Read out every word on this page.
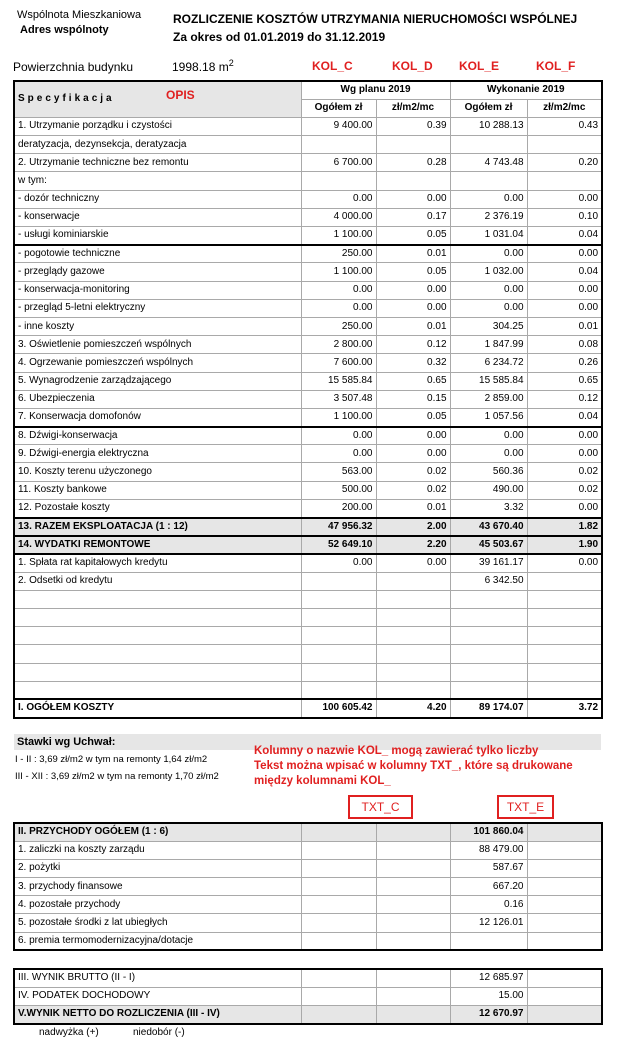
Wspólnota Mieszkaniowa
Adres wspólnoty
ROZLICZENIE KOSZTÓW UTRZYMANIA NIERUCHOMOŚCI WSPÓLNEJ
Za okres od 01.01.2019 do 31.12.2019
Powierzchnia budynku	1998.18 $m^2$	KOL_C	KOL_D KOL_E	KOL_F
Specyfikacja	Wg planu 2019		Wykonanie 2019	
	Ogółem zł	zł/m2/mc	Ogółem zł	zł/m2/mc
1. Utrzymanie porządku i czystości	9 400.00	0.39	10 288.13	0.43
deratyzacja, dezynsekcja, deratyzacja				
2. Utrzymanie techniczne bez remontu	6 700.00	0.28	4 743.48	0.20
w tym:				
- dozór techniczny	0.00	0.00	0.00	0.00
- konserwacje	4 000.00	0.17	2 376.19	0.10
- usługi kominiarskie	1 100.00	0.05	1 031.04	0.04
- pogotowie techniczne	250.00	0.01	0.00	0.00
- przeglądy gazowe	1 100.00	0.05	1 032.00	0.04
- konserwacja-monitoring	0.00	0.00	0.00	0.00
- przegląd 5-letni elektryczny	0.00	0.00	0.00	0.00
- inne koszty	250.00	0.01	304.25	0.01
3. Oświetlenie pomieszczeń wspólnych	2 800.00	0.12	1 847.99	0.08
4. Ogrzewanie pomieszczeń wspólnych	7 600.00	0.32	6 234.72	0.26
5. Wynagrodzenie zarządzającego	15 585.84	0.65	15 585.84	0.65
6. Ubezpieczenia	3 507.48	0.15	2 859.00	0.12
7. Konserwacja domofonów	1 100.00	0.05	1 057.56	0.04
8. Dźwigi-konserwacja	0.00	0.00	0.00	0.00
9. Dźwigi-energia elektryczna	0.00	0.00	0.00	0.00
10. Koszty terenu użyczonego	563.00	0.02	560.36	0.02
11. Koszty bankowe	500.00	0.02	490.00	0.02
12. Pozostałe koszty	200.00	0.01	3.32	0.00
13. RAZEM EKSPLOATACJA (1 : 12)	47 956.32	2.00	43 670.40	1.82
14. WYDATKI REMONTOWE	52 649.10	2.20	45 503.67	1.90
1. Spłata rat kapitałowych kredytu	0.00	0.00	39 161.17	0.00
2. Odsetki od kredytu			6 342.50	

I. OGÓŁEM KOSZTY	100 605.42	4.20	89 174.07	3.72
OPIS
Stawki wg Uchwał:
I - II : 3,69 zł/m2 w tym na remonty 1,64 zł/m2
III - XII : 3,69 zł/m2 w tym na remonty 1,70 zł/m2
Kolumny o nazwie KOL_ mogą zawierać tylko liczby
Tekst można wpisać w kolumny TXT_, które są drukowane
między kolumnami KOL_
TXT_C	TXT_E
II. PRZYCHODY OGÓŁEM (1 : 6)			101 860.04	
1. zaliczki na koszty zarządu			88 479.00	
2. pożytki			587.67	
3. przychody finansowe			667.20	
4. pozostałe przychody			0.16	
5. pozostałe środki z lat ubiegłych			12 126.01	
6. premia termomodernizacyjna/dotacje				
III. WYNIK BRUTTO (II - I)			12 685.97	
IV. PODATEK DOCHODOWY			15.00	
V.WYNIK NETTO DO ROZLICZENIA (III - IV)			12 670.97	
nadwyżka (+)	niedobór (-)
